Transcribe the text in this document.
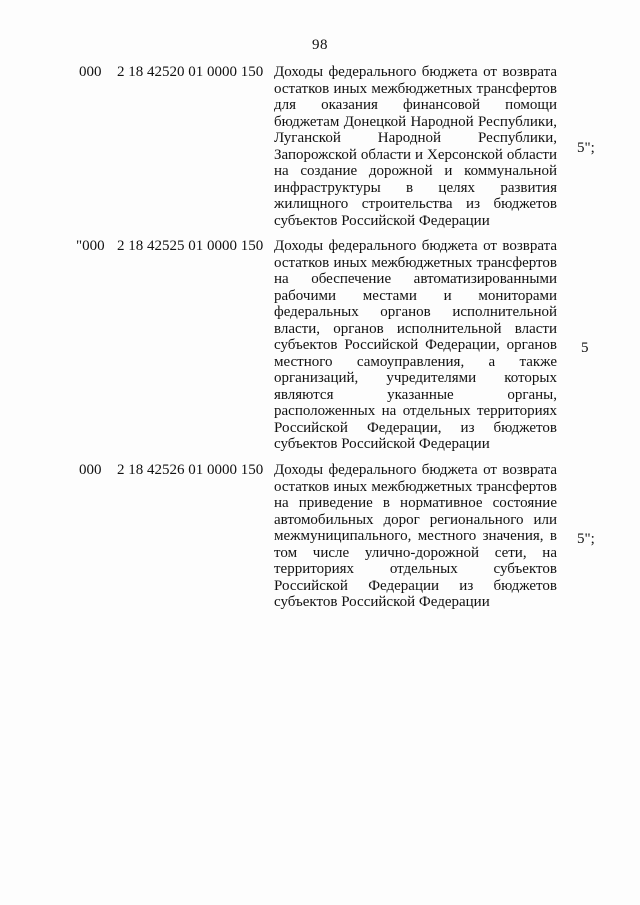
98
000 2 18 42520 01 0000 150 Доходы федерального бюджета от возврата
остатков иных межбюджетных трансфертов
для оказания финансовой помощи
бюджетам Донецкой Народной Республики,
Луганской Народной Республики,
Запорожской области и Херсонской области
на создание дорожной и коммунальной
инфраструктуры в целях развития
жилищного строительства из бюджетов
субъектов Российской Федерации
5";
"000 2 18 42525 01 0000 150 Доходы федерального бюджета от возврата
остатков иных межбюджетных трансфертов
на обеспечение автоматизированными
рабочими местами и мониторами
федеральных органов исполнительной
власти, органов исполнительной власти
субъектов Российской Федерации, органов
местного самоуправления, а также
организаций, учредителями которых
являются указанные органы,
расположенных на отдельных территориях
Российской Федерации, из бюджетов
субъектов Российской Федерации
5
000 2 18 42526 01 0000 150 Доходы федерального бюджета от возврата
остатков иных межбюджетных трансфертов
на приведение в нормативное состояние
автомобильных дорог регионального или
межмуниципального, местного значения, в
том числе улично-дорожной сети, на
территориях отдельных субъектов
Российской Федерации из бюджетов
субъектов Российской Федерации
5";
